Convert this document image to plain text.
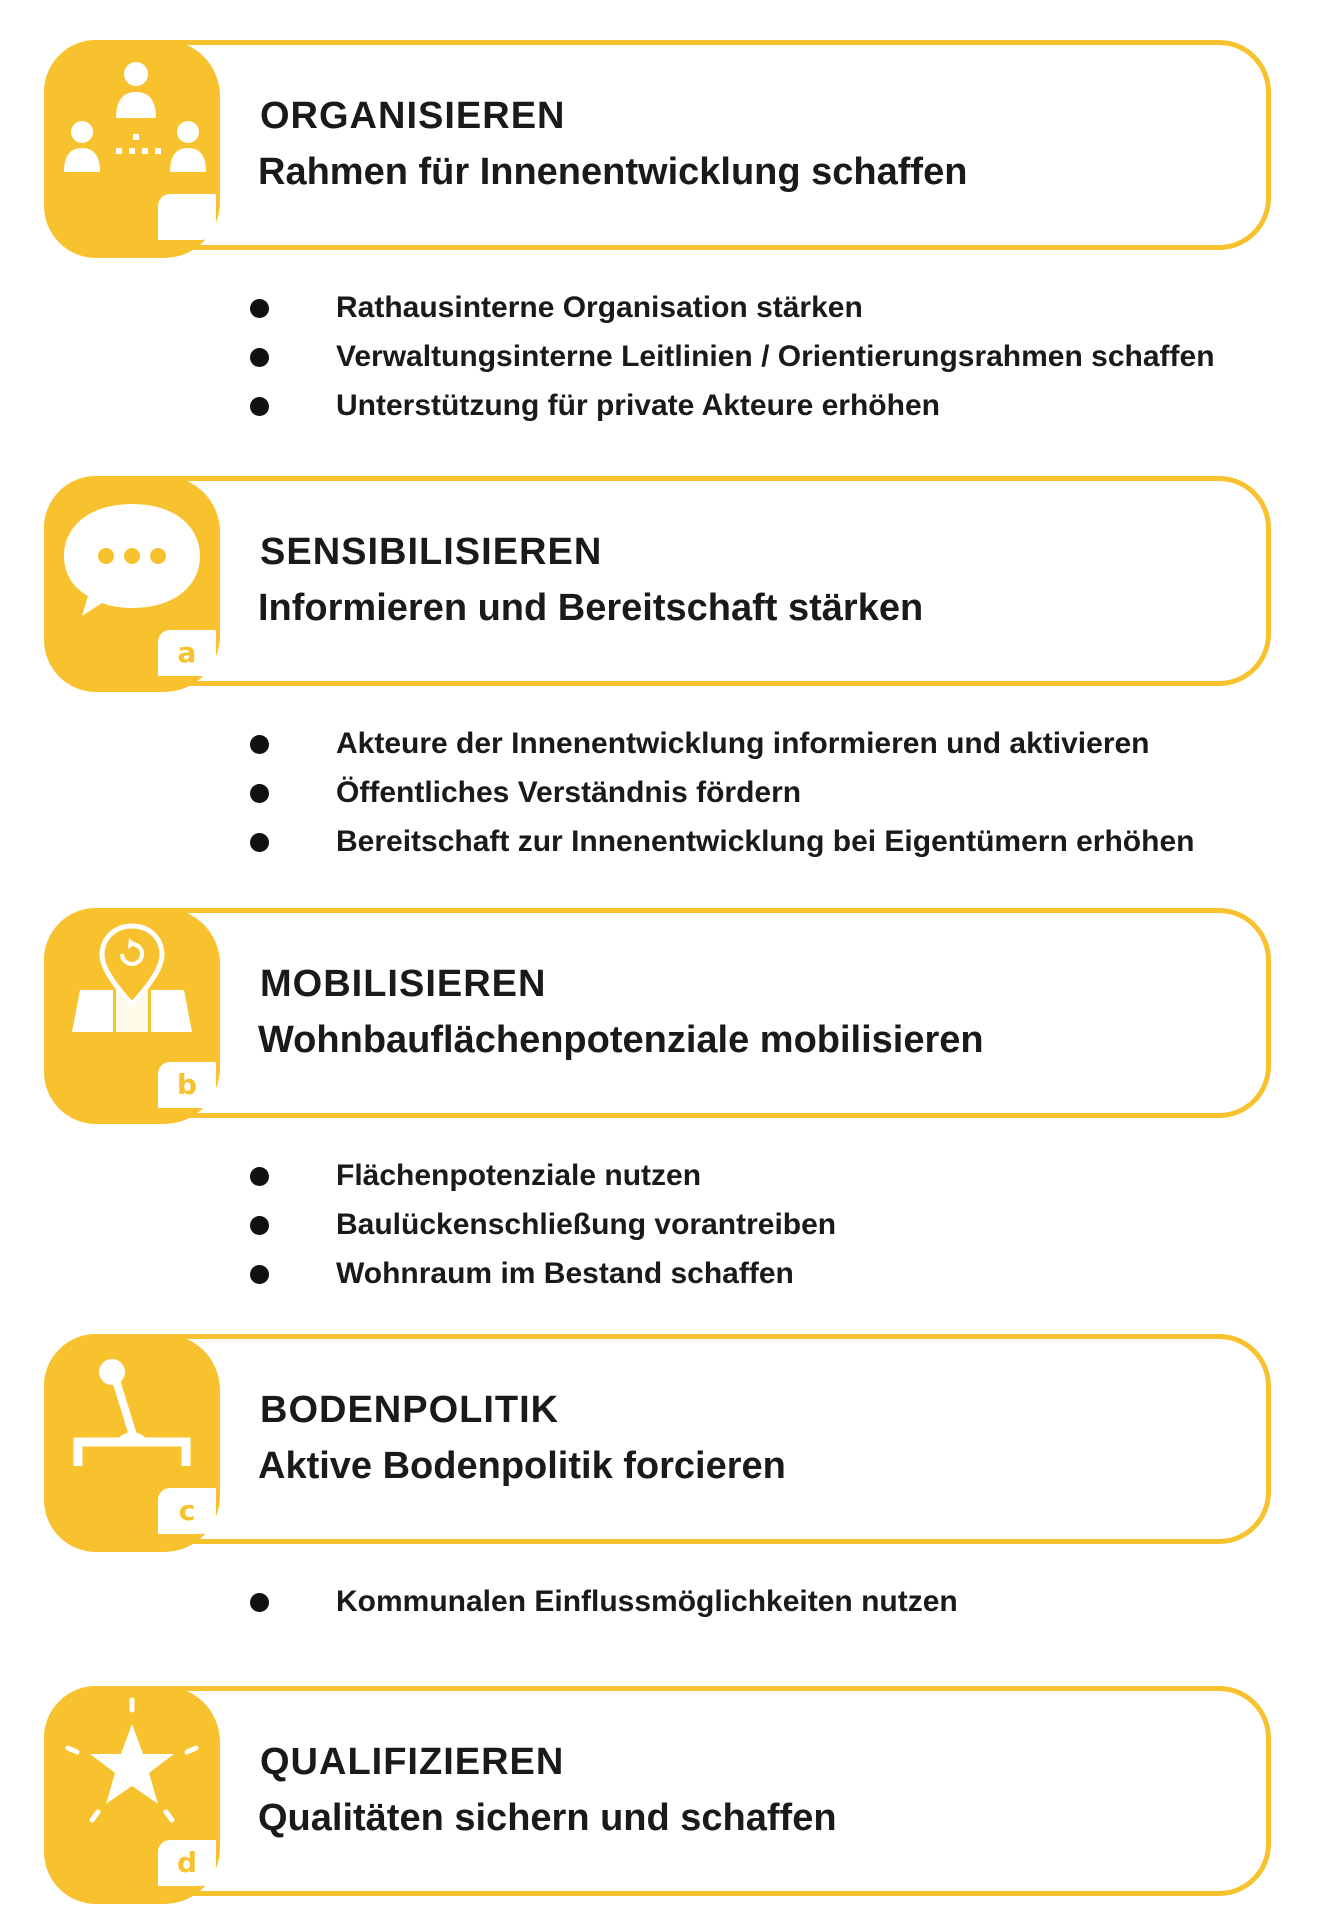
ORGANISIEREN
Rahmen für Innenentwicklung schaffen
Rathausinterne Organisation stärken
Verwaltungsinterne Leitlinien / Orientierungsrahmen schaffen
Unterstützung für private Akteure erhöhen
a
SENSIBILISIEREN
Informieren und Bereitschaft stärken
Akteure der Innenentwicklung informieren und aktivieren
Öffentliches Verständnis fördern
Bereitschaft zur Innenentwicklung bei Eigentümern erhöhen
b
MOBILISIEREN
Wohnbauflächenpotenziale mobilisieren
Flächenpotenziale nutzen
Baulückenschließung vorantreiben
Wohnraum im Bestand schaffen
c
BODENPOLITIK
Aktive Bodenpolitik forcieren
Kommunalen Einflussmöglichkeiten nutzen
d
QUALIFIZIEREN
Qualitäten sichern und schaffen
